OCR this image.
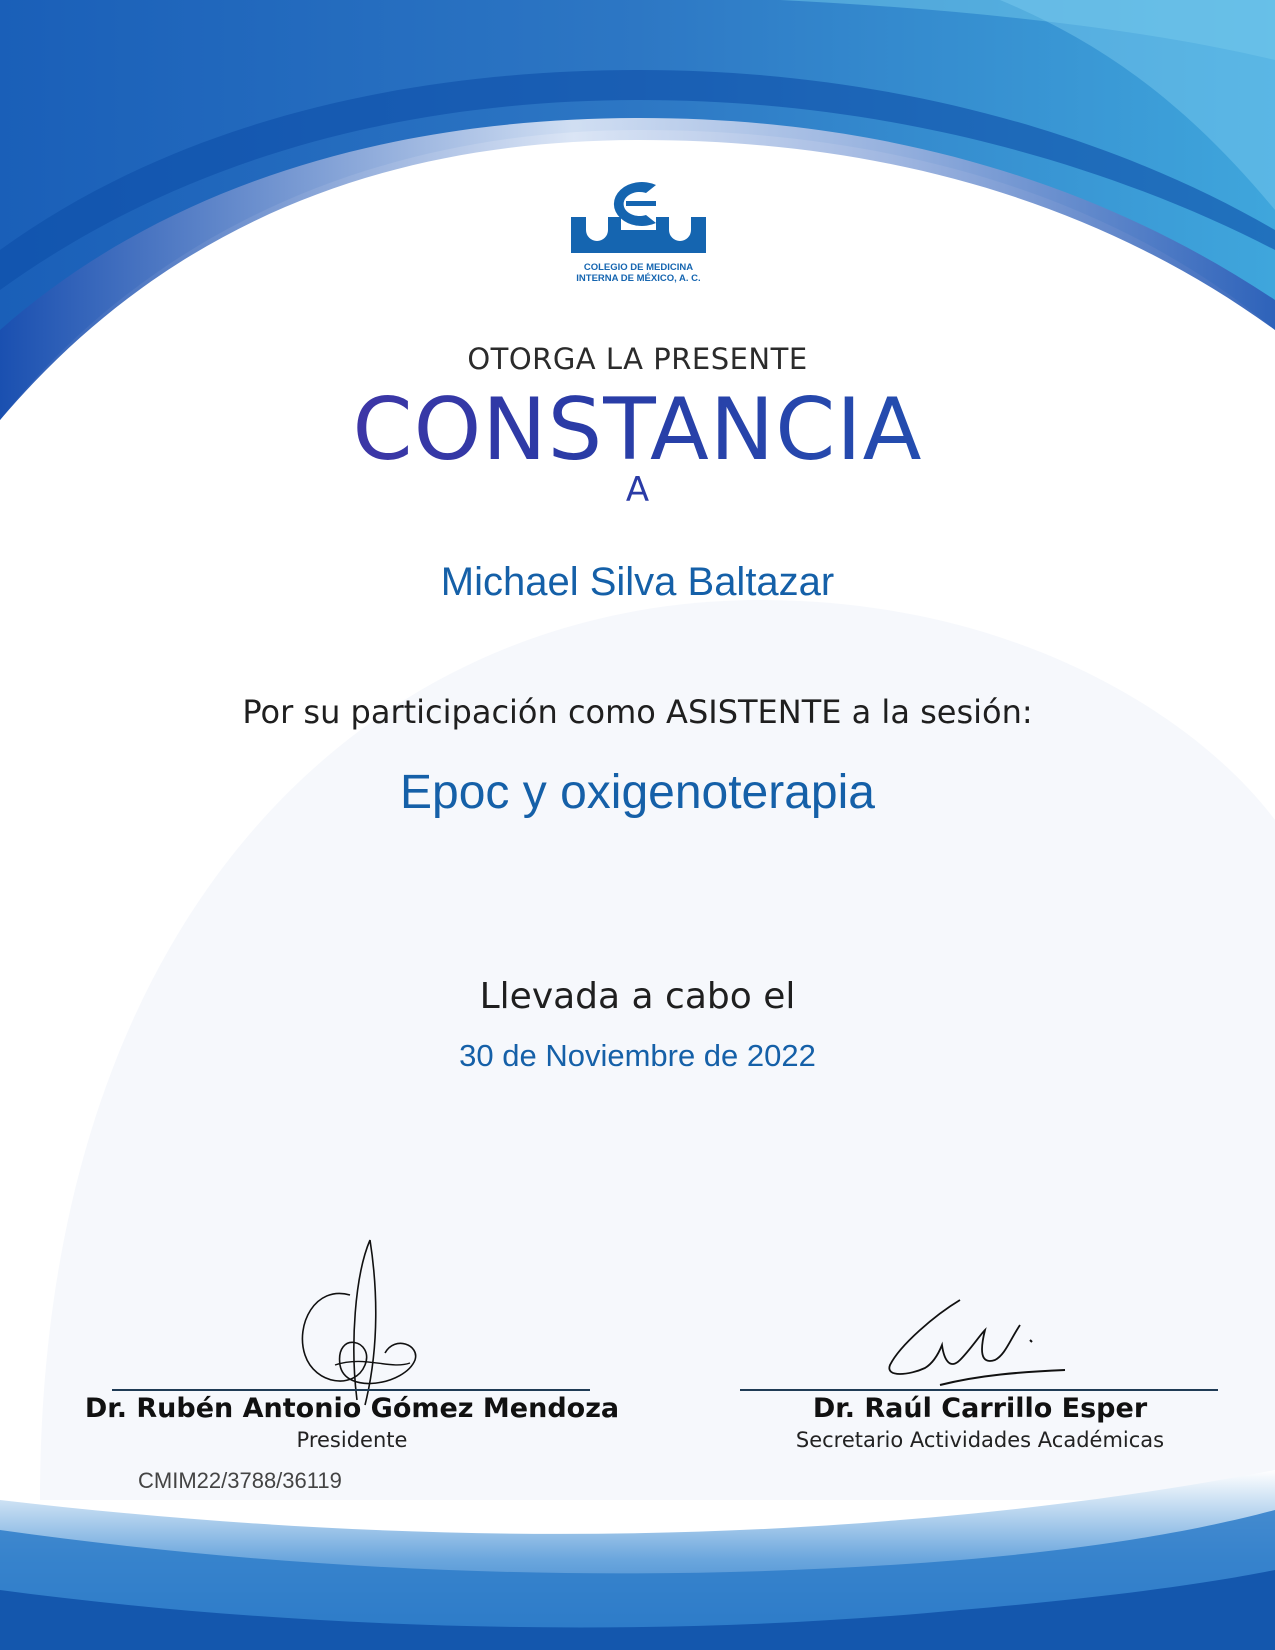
COLEGIO DE MEDICINA
INTERNA DE MÉXICO, A. C.
OTORGA LA PRESENTE
CONSTANCIA
A
Michael Silva Baltazar
Por su participación como ASISTENTE a la sesión:
Epoc y oxigenoterapia
Llevada a cabo el
30 de Noviembre de 2022
Dr. Rubén Antonio Gómez Mendoza
Presidente
Dr. Raúl Carrillo Esper
Secretario Actividades Académicas
CMIM22/3788/36119
